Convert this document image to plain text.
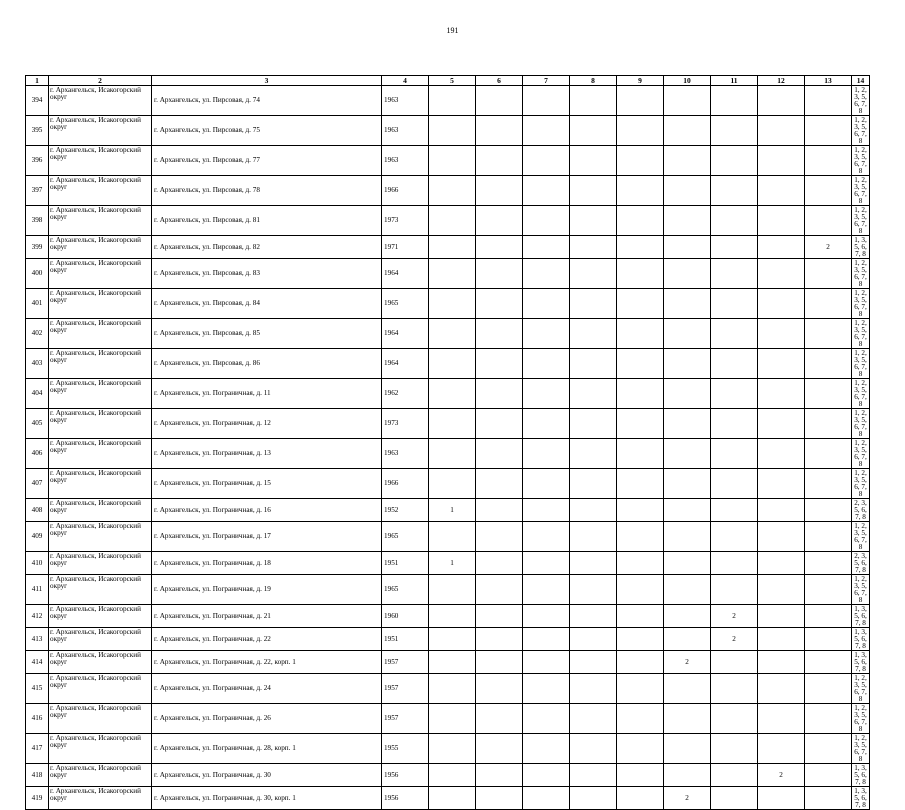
191
1	2	3	4	5	6	7	8	9	10	11	12	13	14
394	г. Архангельск, Исакогорский округ	г. Архангельск, ул. Пирсовая, д. 74	1963										1, 2, 3, 5, 6, 7, 8
395	г. Архангельск, Исакогорский округ	г. Архангельск, ул. Пирсовая, д. 75	1963										1, 2, 3, 5, 6, 7, 8
396	г. Архангельск, Исакогорский округ	г. Архангельск, ул. Пирсовая, д. 77	1963										1, 2, 3, 5, 6, 7, 8
397	г. Архангельск, Исакогорский округ	г. Архангельск, ул. Пирсовая, д. 78	1966										1, 2, 3, 5, 6, 7, 8
398	г. Архангельск, Исакогорский округ	г. Архангельск, ул. Пирсовая, д. 81	1973										1, 2, 3, 5, 6, 7, 8
399	г. Архангельск, Исакогорский округ	г. Архангельск, ул. Пирсовая, д. 82	1971									2	1, 3, 5, 6, 7, 8
400	г. Архангельск, Исакогорский округ	г. Архангельск, ул. Пирсовая, д. 83	1964										1, 2, 3, 5, 6, 7, 8
401	г. Архангельск, Исакогорский округ	г. Архангельск, ул. Пирсовая, д. 84	1965										1, 2, 3, 5, 6, 7, 8
402	г. Архангельск, Исакогорский округ	г. Архангельск, ул. Пирсовая, д. 85	1964										1, 2, 3, 5, 6, 7, 8
403	г. Архангельск, Исакогорский округ	г. Архангельск, ул. Пирсовая, д. 86	1964										1, 2, 3, 5, 6, 7, 8
404	г. Архангельск, Исакогорский округ	г. Архангельск, ул. Пограничная, д. 11	1962										1, 2, 3, 5, 6, 7, 8
405	г. Архангельск, Исакогорский округ	г. Архангельск, ул. Пограничная, д. 12	1973										1, 2, 3, 5, 6, 7, 8
406	г. Архангельск, Исакогорский округ	г. Архангельск, ул. Пограничная, д. 13	1963										1, 2, 3, 5, 6, 7, 8
407	г. Архангельск, Исакогорский округ	г. Архангельск, ул. Пограничная, д. 15	1966										1, 2, 3, 5, 6, 7, 8
408	г. Архангельск, Исакогорский округ	г. Архангельск, ул. Пограничная, д. 16	1952	1									2, 3, 5, 6, 7, 8
409	г. Архангельск, Исакогорский округ	г. Архангельск, ул. Пограничная, д. 17	1965										1, 2, 3, 5, 6, 7, 8
410	г. Архангельск, Исакогорский округ	г. Архангельск, ул. Пограничная, д. 18	1951	1									2, 3, 5, 6, 7, 8
411	г. Архангельск, Исакогорский округ	г. Архангельск, ул. Пограничная, д. 19	1965										1, 2, 3, 5, 6, 7, 8
412	г. Архангельск, Исакогорский округ	г. Архангельск, ул. Пограничная, д. 21	1960							2			1, 3, 5, 6, 7, 8
413	г. Архангельск, Исакогорский округ	г. Архангельск, ул. Пограничная, д. 22	1951							2			1, 3, 5, 6, 7, 8
414	г. Архангельск, Исакогорский округ	г. Архангельск, ул. Пограничная, д. 22, корп. 1	1957						2				1, 3, 5, 6, 7, 8
415	г. Архангельск, Исакогорский округ	г. Архангельск, ул. Пограничная, д. 24	1957										1, 2, 3, 5, 6, 7, 8
416	г. Архангельск, Исакогорский округ	г. Архангельск, ул. Пограничная, д. 26	1957										1, 2, 3, 5, 6, 7, 8
417	г. Архангельск, Исакогорский округ	г. Архангельск, ул. Пограничная, д. 28, корп. 1	1955										1, 2, 3, 5, 6, 7, 8
418	г. Архангельск, Исакогорский округ	г. Архангельск, ул. Пограничная, д. 30	1956								2		1, 3, 5, 6, 7, 8
419	г. Архангельск, Исакогорский округ	г. Архангельск, ул. Пограничная, д. 30, корп. 1	1956						2				1, 3, 5, 6, 7, 8
